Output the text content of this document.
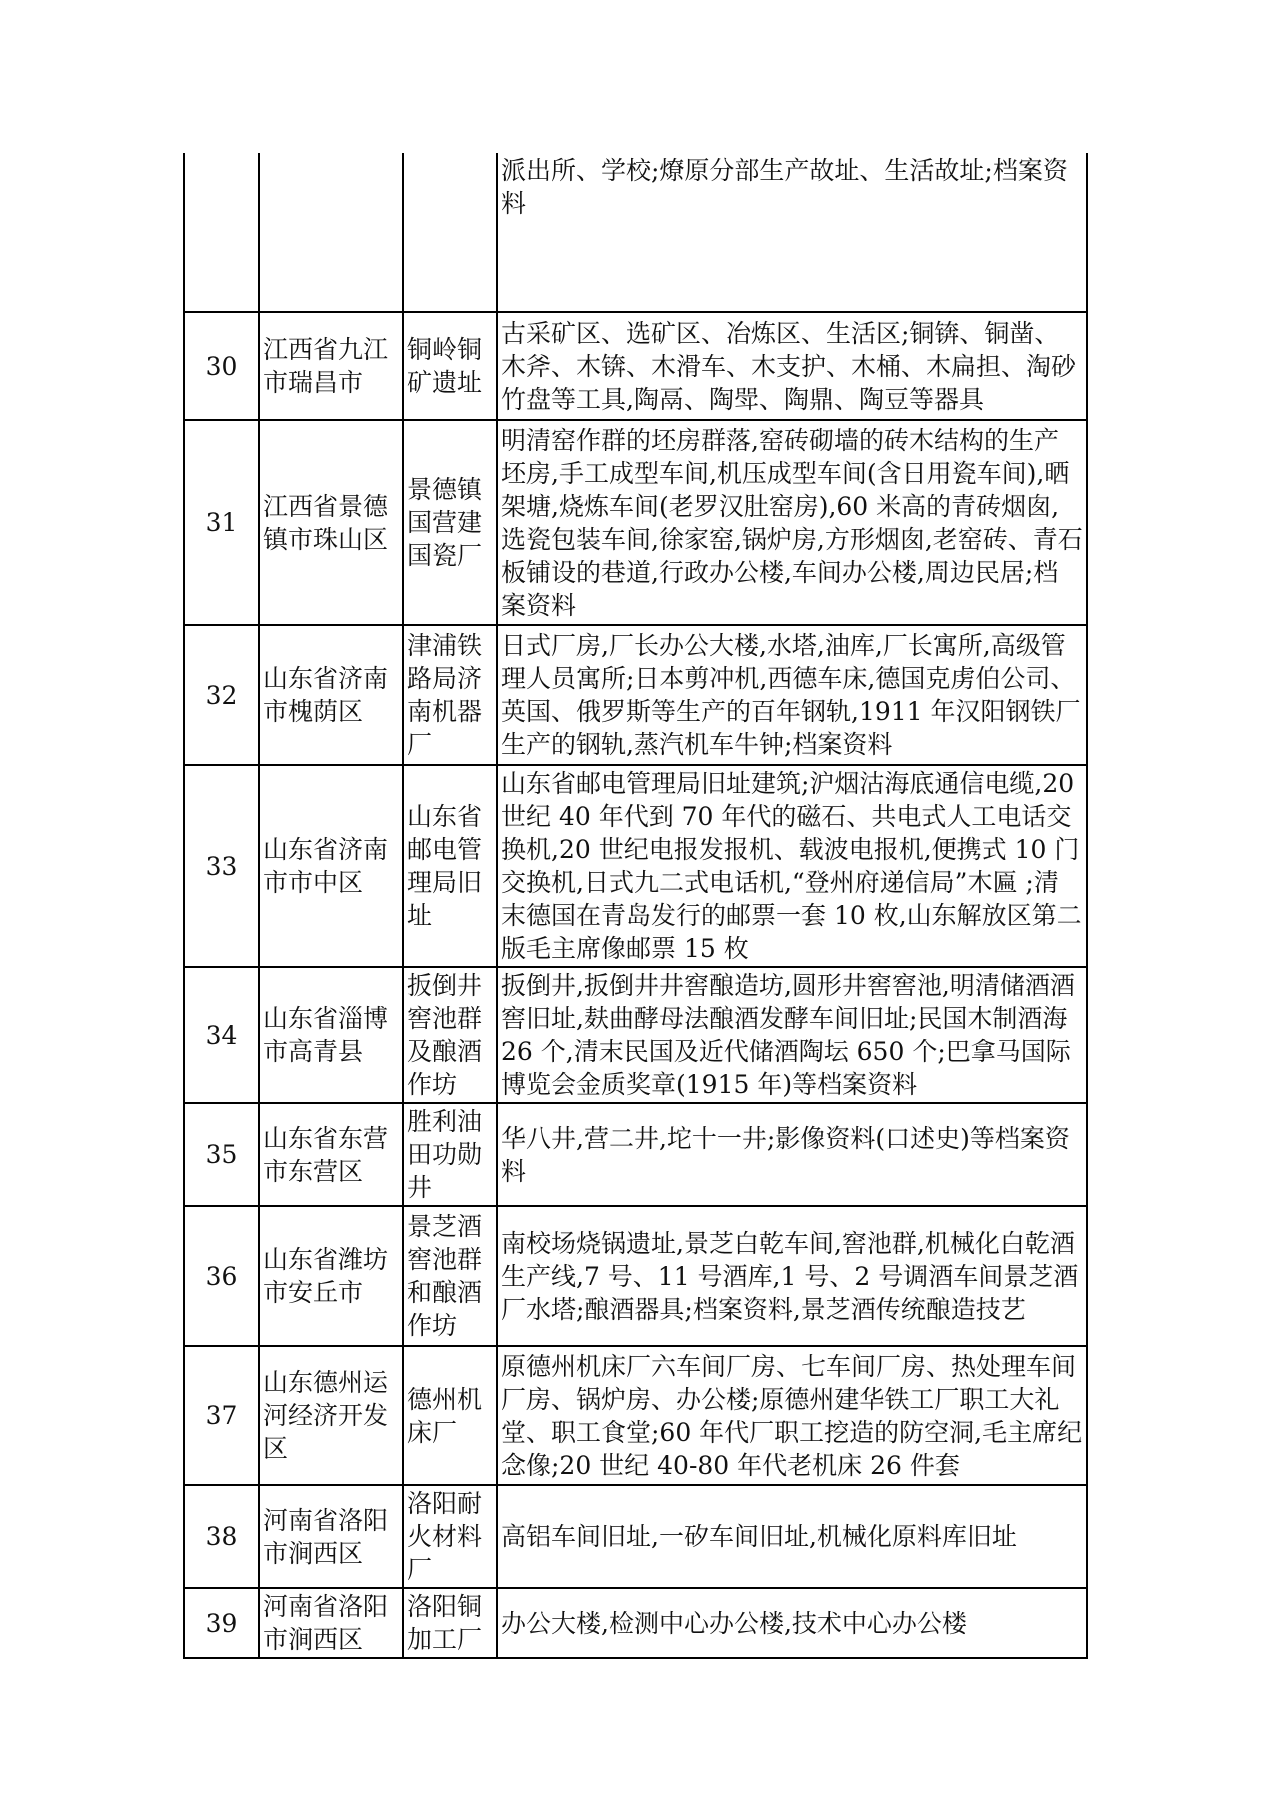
			派出所、学校;燎原分部生产故址、生活故址;档案资料
30	江西省九江市瑞昌市	铜岭铜矿遗址	古采矿区、选矿区、冶炼区、生活区;铜锛、铜凿、木斧、木锛、木滑车、木支护、木桶、木扁担、淘砂竹盘等工具,陶鬲、陶斝、陶鼎、陶豆等器具
31	江西省景德镇市珠山区	景德镇国营建国瓷厂	明清窑作群的坯房群落,窑砖砌墙的砖木结构的生产坯房,手工成型车间,机压成型车间(含日用瓷车间),晒架塘,烧炼车间(老罗汉肚窑房),60 米高的青砖烟囱,选瓷包装车间,徐家窑,锅炉房,方形烟囱,老窑砖、青石板铺设的巷道,行政办公楼,车间办公楼,周边民居;档案资料
32	山东省济南市槐荫区	津浦铁路局济南机器厂	日式厂房,厂长办公大楼,水塔,油库,厂长寓所,高级管理人员寓所;日本剪冲机,西德车床,德国克虏伯公司、英国、俄罗斯等生产的百年钢轨,1911 年汉阳钢铁厂生产的钢轨,蒸汽机车牛钟;档案资料
33	山东省济南市市中区	山东省邮电管理局旧址	山东省邮电管理局旧址建筑;沪烟沽海底通信电缆,20 世纪 40 年代到 70 年代的磁石、共电式人工电话交换机,20 世纪电报发报机、载波电报机,便携式 10 门交换机,日式九二式电话机,“登州府递信局”木匾 ;清末德国在青岛发行的邮票一套 10 枚,山东解放区第二版毛主席像邮票 15 枚
34	山东省淄博市高青县	扳倒井窖池群及酿酒作坊	扳倒井,扳倒井井窖酿造坊,圆形井窖窖池,明清储酒酒窖旧址,麸曲酵母法酿酒发酵车间旧址;民国木制酒海 26 个,清末民国及近代储酒陶坛 650 个;巴拿马国际博览会金质奖章(1915 年)等档案资料
35	山东省东营市东营区	胜利油田功勋井	华八井,营二井,坨十一井;影像资料(口述史)等档案资料
36	山东省潍坊市安丘市	景芝酒窖池群和酿酒作坊	南校场烧锅遗址,景芝白乾车间,窖池群,机械化白乾酒生产线,7 号、11 号酒库,1 号、2 号调酒车间景芝酒厂水塔;酿酒器具;档案资料,景芝酒传统酿造技艺
37	山东德州运河经济开发区	德州机床厂	原德州机床厂六车间厂房、七车间厂房、热处理车间厂房、锅炉房、办公楼;原德州建华铁工厂职工大礼堂、职工食堂;60 年代厂职工挖造的防空洞,毛主席纪念像;20 世纪 40-80 年代老机床 26 件套
38	河南省洛阳市涧西区	洛阳耐火材料厂	高铝车间旧址,一矽车间旧址,机械化原料库旧址
39	河南省洛阳市涧西区	洛阳铜加工厂	办公大楼,检测中心办公楼,技术中心办公楼
